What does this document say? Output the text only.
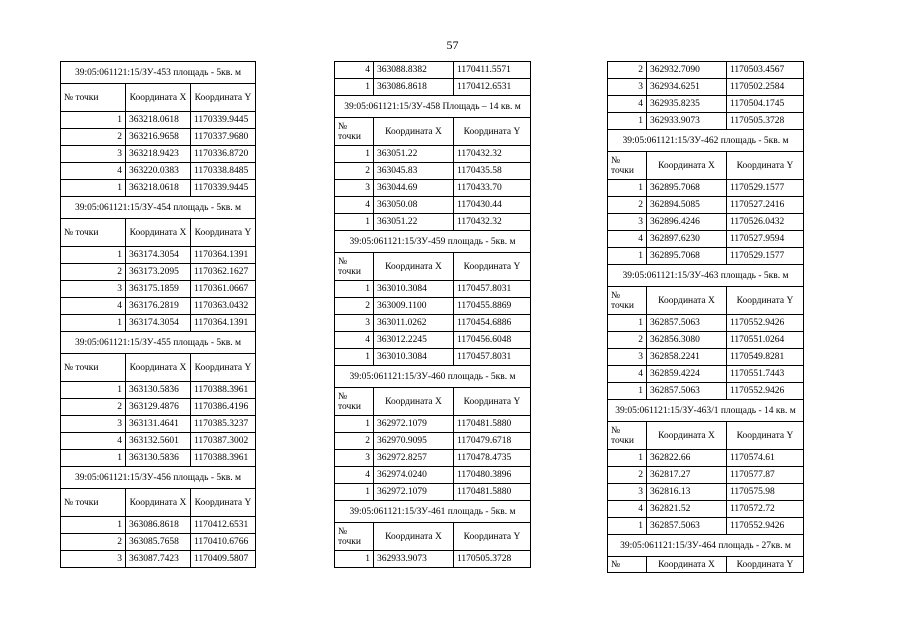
57
39:05:061121:15/ЗУ-453 площадь - 5кв. м		
№ точки	Координата X	Координата Y
1	363218.0618	1170339.9445
2	363216.9658	1170337.9680
3	363218.9423	1170336.8720
4	363220.0383	1170338.8485
1	363218.0618	1170339.9445
39:05:061121:15/ЗУ-454 площадь - 5кв. м		
№ точки	Координата X	Координата Y
1	363174.3054	1170364.1391
2	363173.2095	1170362.1627
3	363175.1859	1170361.0667
4	363176.2819	1170363.0432
1	363174.3054	1170364.1391
39:05:061121:15/ЗУ-455 площадь - 5кв. м		
№ точки	Координата X	Координата Y
1	363130.5836	1170388.3961
2	363129.4876	1170386.4196
3	363131.4641	1170385.3237
4	363132.5601	1170387.3002
1	363130.5836	1170388.3961
39:05:061121:15/ЗУ-456 площадь - 5кв. м		
№ точки	Координата X	Координата Y
1	363086.8618	1170412.6531
2	363085.7658	1170410.6766
3	363087.7423	1170409.5807
4	363088.8382	1170411.5571
1	363086.8618	1170412.6531
39:05:061121:15/ЗУ-458 Площадь – 14 кв. м		
№ точки	Координата X	Координата Y
1	363051.22	1170432.32
2	363045.83	1170435.58
3	363044.69	1170433.70
4	363050.08	1170430.44
1	363051.22	1170432.32
39:05:061121:15/ЗУ-459 площадь - 5кв. м		
№ точки	Координата X	Координата Y
1	363010.3084	1170457.8031
2	363009.1100	1170455.8869
3	363011.0262	1170454.6886
4	363012.2245	1170456.6048
1	363010.3084	1170457.8031
39:05:061121:15/ЗУ-460 площадь - 5кв. м		
№ точки	Координата X	Координата Y
1	362972.1079	1170481.5880
2	362970.9095	1170479.6718
3	362972.8257	1170478.4735
4	362974.0240	1170480.3896
1	362972.1079	1170481.5880
39:05:061121:15/ЗУ-461 площадь - 5кв. м		
№ точки	Координата X	Координата Y
1	362933.9073	1170505.3728
2	362932.7090	1170503.4567
3	362934.6251	1170502.2584
4	362935.8235	1170504.1745
1	362933.9073	1170505.3728
39:05:061121:15/ЗУ-462 площадь - 5кв. м		
№ точки	Координата X	Координата Y
1	362895.7068	1170529.1577
2	362894.5085	1170527.2416
3	362896.4246	1170526.0432
4	362897.6230	1170527.9594
1	362895.7068	1170529.1577
39:05:061121:15/ЗУ-463 площадь - 5кв. м		
№ точки	Координата X	Координата Y
1	362857.5063	1170552.9426
2	362856.3080	1170551.0264
3	362858.2241	1170549.8281
4	362859.4224	1170551.7443
1	362857.5063	1170552.9426
39:05:061121:15/ЗУ-463/1 площадь - 14 кв. м		
№ точки	Координата X	Координата Y
1	362822.66	1170574.61
2	362817.27	1170577.87
3	362816.13	1170575.98
4	362821.52	1170572.72
1	362857.5063	1170552.9426
39:05:061121:15/ЗУ-464 площадь - 27кв. м		
№	Координата X	Координата Y
